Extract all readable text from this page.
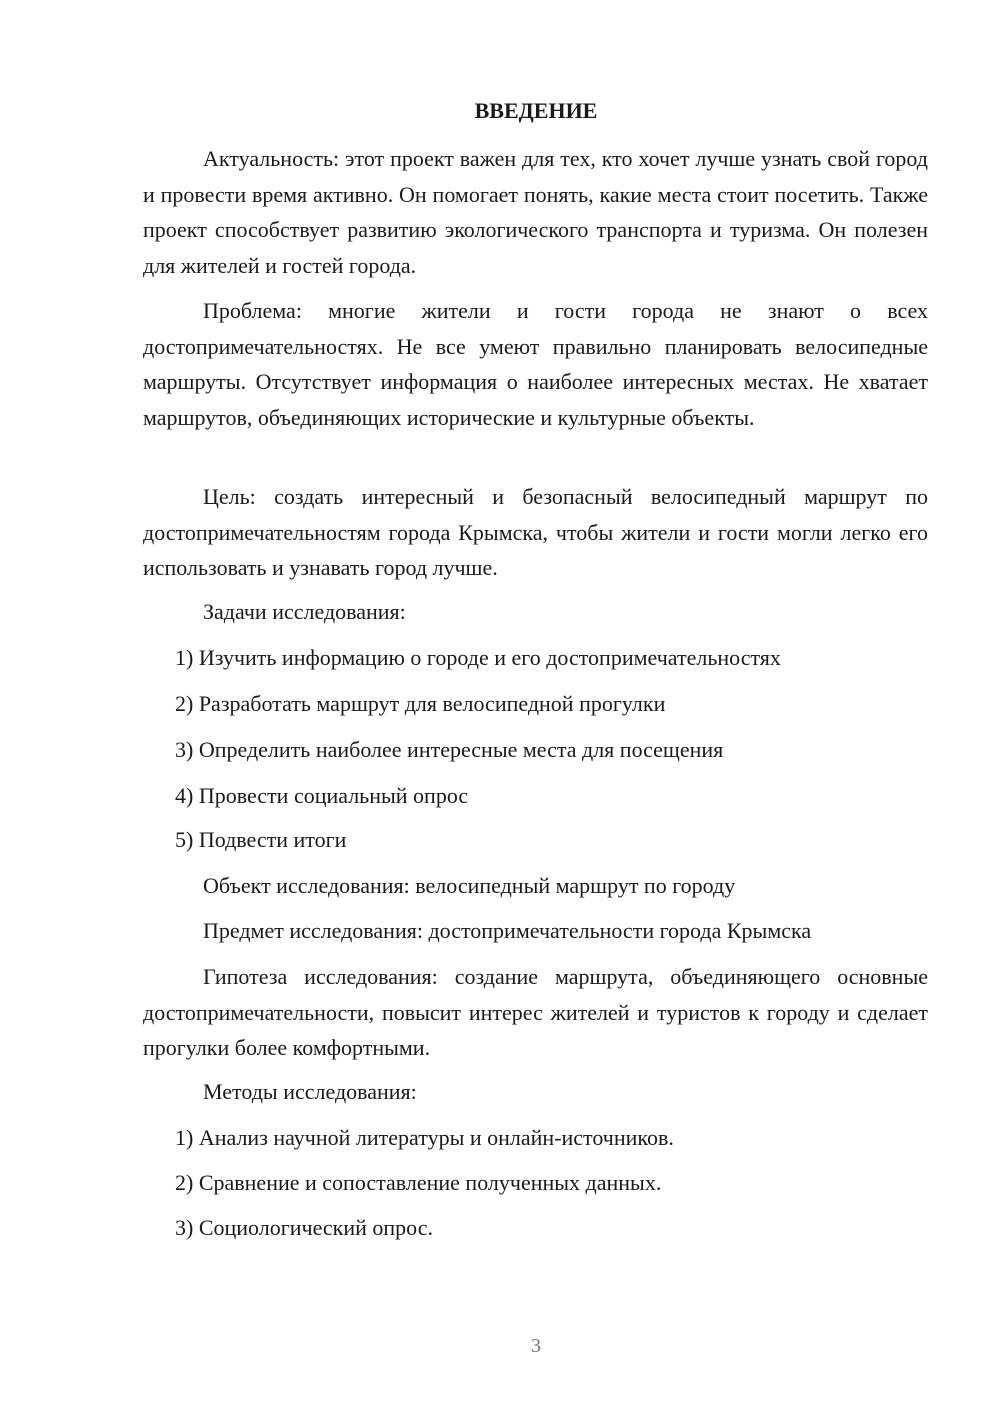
ВВЕДЕНИЕ

Актуальность: этот проект важен для тех, кто хочет лучше узнать свой город и провести время активно. Он помогает понять, какие места стоит посетить. Также проект способствует развитию экологического транспорта и туризма. Он полезен для жителей и гостей города.

Проблема: многие жители и гости города не знают о всех достопримечательностях. Не все умеют правильно планировать велосипедные маршруты. Отсутствует информация о наиболее интересных местах. Не хватает маршрутов, объединяющих исторические и культурные объекты.

Цель: создать интересный и безопасный велосипедный маршрут по достопримечательностям города Крымска, чтобы жители и гости могли легко его использовать и узнавать город лучше.

Задачи исследования:
1) Изучить информацию о городе и его достопримечательностях
2) Разработать маршрут для велосипедной прогулки
3) Определить наиболее интересные места для посещения
4) Провести социальный опрос
5) Подвести итоги
Объект исследования: велосипедный маршрут по городу
Предмет исследования: достопримечательности города Крымска

Гипотеза исследования: создание маршрута, объединяющего основные достопримечательности, повысит интерес жителей и туристов к городу и сделает прогулки более комфортными.

Методы исследования:
1) Анализ научной литературы и онлайн-источников.
2) Сравнение и сопоставление полученных данных.
3) Социологический опрос.
3
